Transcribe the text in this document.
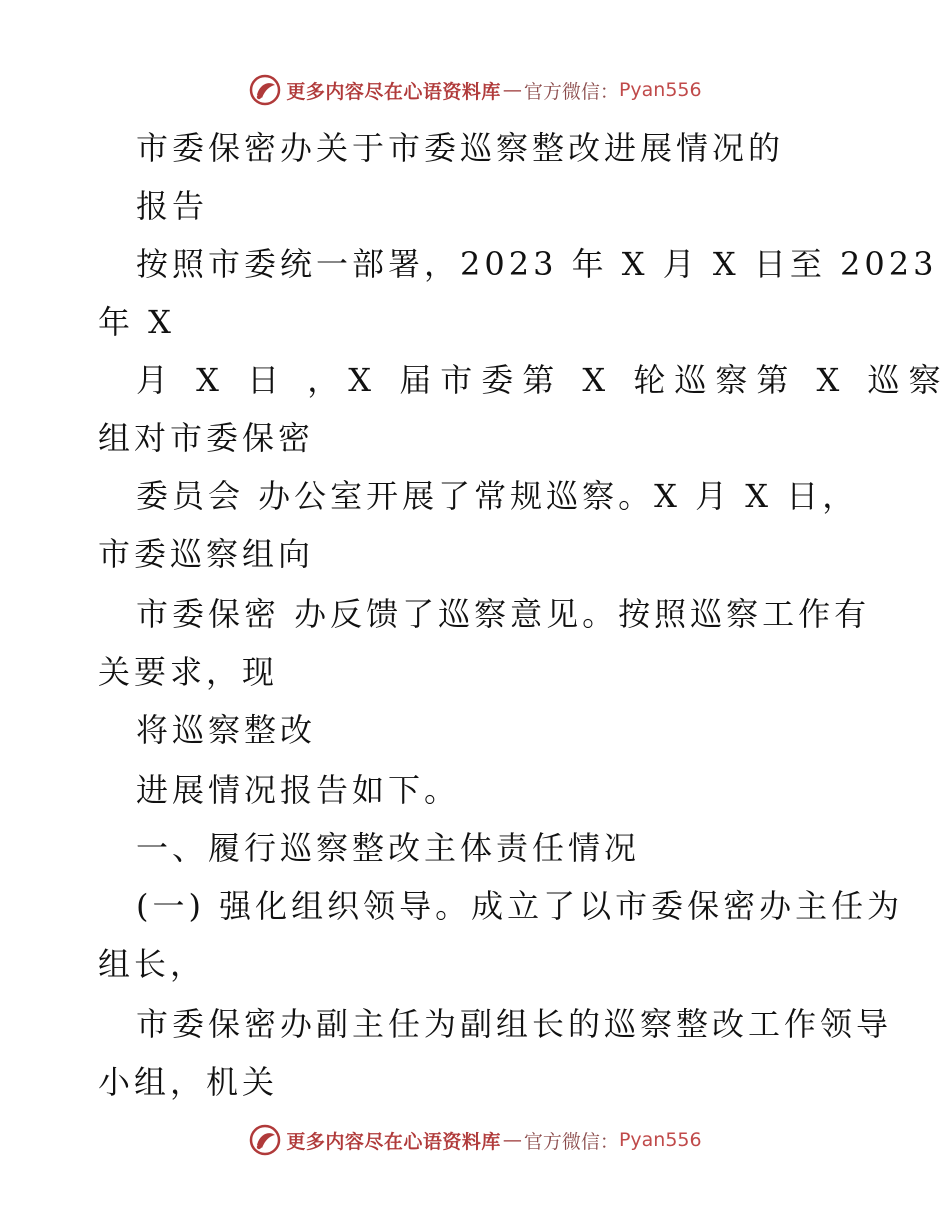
更多内容尽在心语资料库 — 官方微信： Pyan556
市委保密办关于市委巡察整改进展情况的
报告
按照市委统一部署，2023 年 X 月 X 日至 2023
年 X
月 X 日 ，X 届市委第 X 轮巡察第 X 巡察
组对市委保密
委员会 办公室开展了常规巡察。X 月 X 日，
市委巡察组向
市委保密 办反馈了巡察意见。按照巡察工作有
关要求，现
将巡察整改
进展情况报告如下。
一、履行巡察整改主体责任情况
(一) 强化组织领导。成立了以市委保密办主任为
组长，
市委保密办副主任为副组长的巡察整改工作领导
小组，机关
更多内容尽在心语资料库 — 官方微信： Pyan556
